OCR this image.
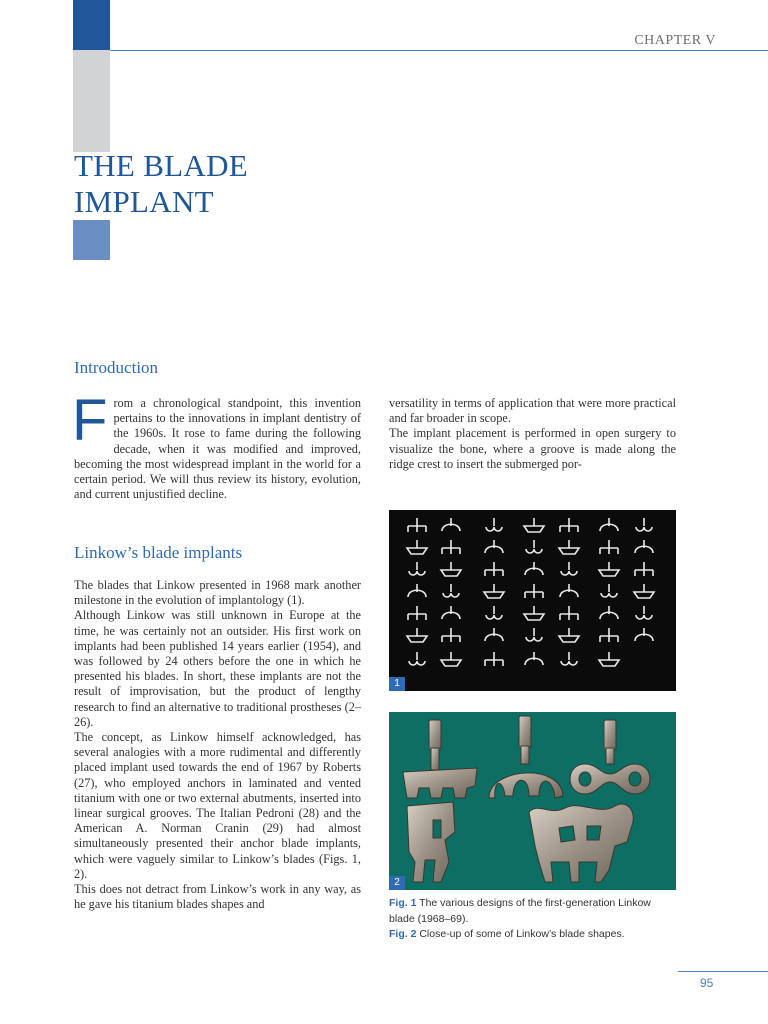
CHAPTER V
THE BLADE
IMPLANT
Introduction

From a chronological standpoint, this invention pertains to the innovations in implant dentistry of the 1960s. It rose to fame during the following decade, when it was modified and improved, becoming the most widespread implant in the world for a certain period. We will thus review its history, evolution, and current unjustified decline.

Linkow’s blade implants

The blades that Linkow presented in 1968 mark another milestone in the evolution of implantology (1).

Although Linkow was still unknown in Europe at the time, he was certainly not an outsider. His first work on implants had been published 14 years earlier (1954), and was followed by 24 others before the one in which he presented his blades. In short, these implants are not the result of improvisation, but the product of lengthy research to find an alternative to traditional prostheses (2–26).

The concept, as Linkow himself acknowledged, has several analogies with a more rudimental and differently placed implant used towards the end of 1967 by Roberts (27), who employed anchors in laminated and vented titanium with one or two external abutments, inserted into linear surgical grooves. The Italian Pedroni (28) and the American A. Norman Cranin (29) had almost simultaneously presented their anchor blade implants, which were vaguely similar to Linkow’s blades (Figs. 1, 2).

This does not detract from Linkow’s work in any way, as he gave his titanium blades shapes and

versatility in terms of application that were more practical and far broader in scope.

The implant placement is performed in open surgery to visualize the bone, where a groove is made along the ridge crest to insert the submerged por-

1
2
Fig. 1 The various designs of the first-generation Linkow blade (1968–69).
Fig. 2 Close-up of some of Linkow’s blade shapes.
95
